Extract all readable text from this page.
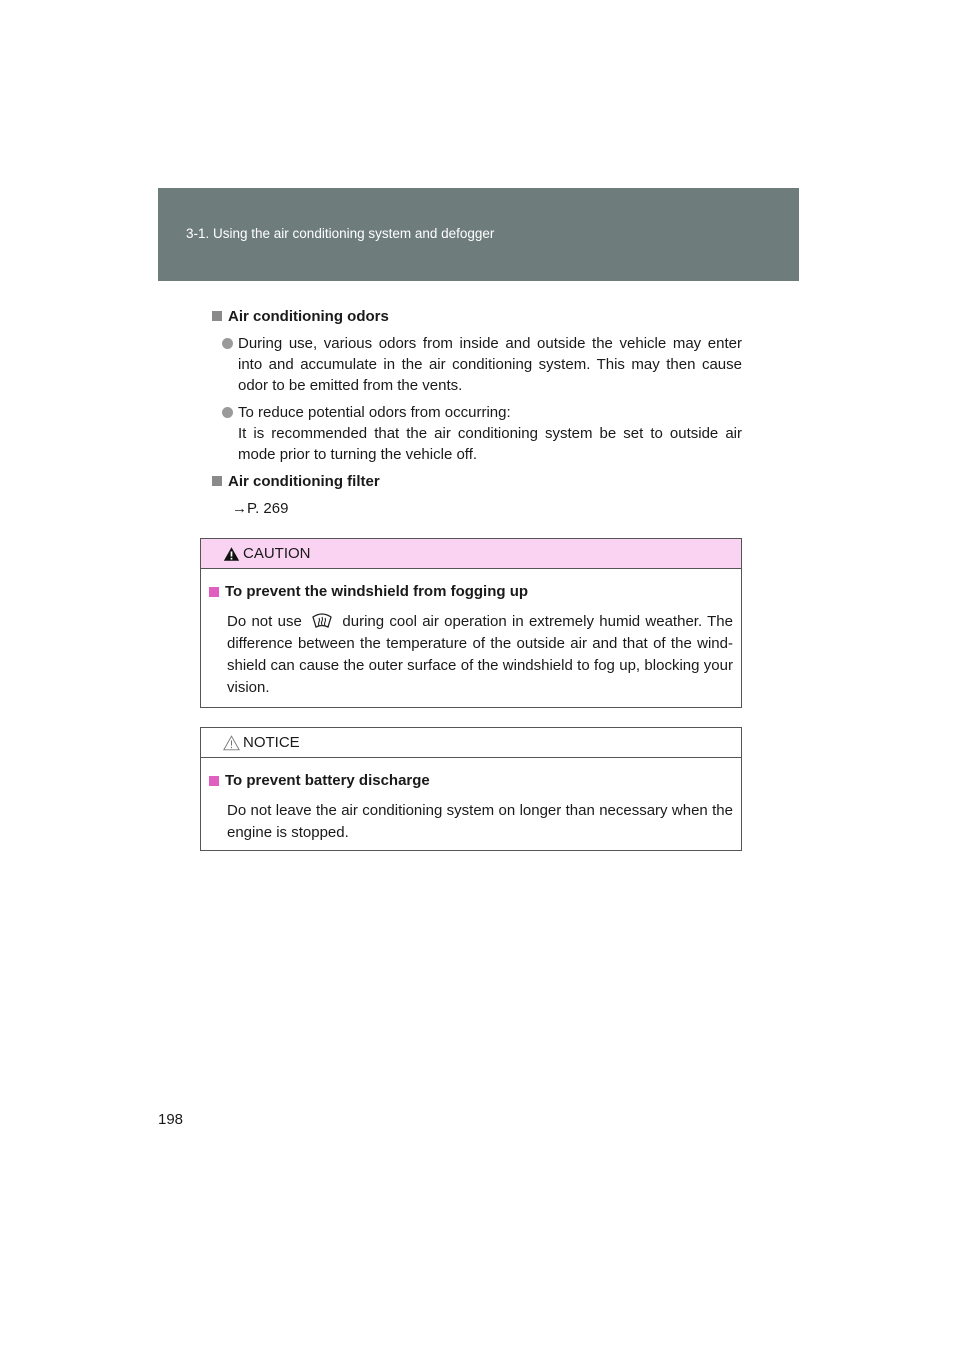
3-1. Using the air conditioning system and defogger
Air conditioning odors
During use, various odors from inside and outside the vehicle may enter into and accumulate in the air conditioning system. This may then cause odor to be emitted from the vents.

To reduce potential odors from occurring:

It is recommended that the air conditioning system be set to outside air mode prior to turning the vehicle off.

Air conditioning filter
→P. 269
CAUTION
To prevent the windshield from fogging up
Do not use	during cool air operation in extremely humid weather. The difference between the temperature of the outside air and that of the wind-shield can cause the outer surface of the windshield to fog up, blocking your vision.
NOTICE
To prevent battery discharge
Do not leave the air conditioning system on longer than necessary when the engine is stopped.
198
